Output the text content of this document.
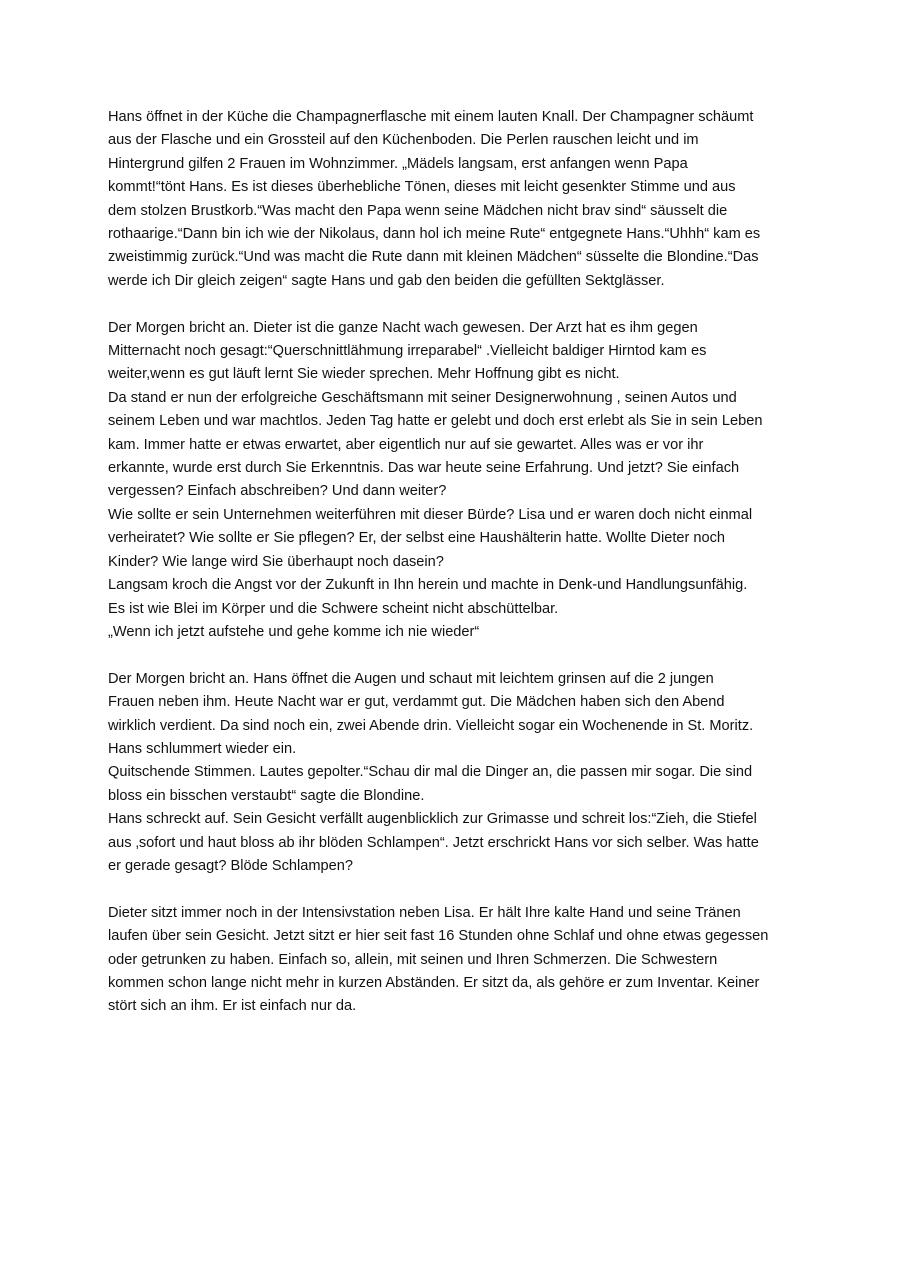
Hans öffnet in der Küche die Champagnerflasche mit einem lauten Knall. Der Champagner schäumt
aus der Flasche und ein Grossteil auf den Küchenboden. Die Perlen rauschen leicht und im
Hintergrund gilfen 2 Frauen im Wohnzimmer. „Mädels langsam, erst anfangen wenn Papa
kommt!“tönt Hans. Es ist dieses überhebliche Tönen, dieses mit leicht gesenkter Stimme und aus
dem stolzen Brustkorb.“Was macht den Papa wenn seine Mädchen nicht brav sind“ säusselt die
rothaarige.“Dann bin ich wie der Nikolaus, dann hol ich meine Rute“ entgegnete Hans.“Uhhh“ kam es
zweistimmig zurück.“Und was macht die Rute dann mit kleinen Mädchen“ süsselte die Blondine.“Das
werde ich Dir gleich zeigen“ sagte Hans und gab den beiden die gefüllten Sektglässer.
Der Morgen bricht an. Dieter ist die ganze Nacht wach gewesen. Der Arzt hat es ihm gegen
Mitternacht noch gesagt:“Querschnittlähmung irreparabel“ .Vielleicht baldiger Hirntod kam es
weiter,wenn es gut läuft lernt Sie wieder sprechen. Mehr Hoffnung gibt es nicht.
Da stand er nun der erfolgreiche Geschäftsmann mit seiner Designerwohnung , seinen Autos und
seinem Leben und war machtlos. Jeden Tag hatte er gelebt und doch erst erlebt als Sie in sein Leben
kam. Immer hatte er etwas erwartet, aber eigentlich nur auf sie gewartet. Alles was er vor ihr
erkannte, wurde erst durch Sie Erkenntnis. Das war heute seine Erfahrung. Und jetzt? Sie einfach
vergessen? Einfach abschreiben? Und dann weiter?
Wie sollte er sein Unternehmen weiterführen mit dieser Bürde? Lisa und er waren doch nicht einmal
verheiratet? Wie sollte er Sie pflegen? Er, der selbst eine Haushälterin hatte. Wollte Dieter noch
Kinder? Wie lange wird Sie überhaupt noch dasein?
Langsam kroch die Angst vor der Zukunft in Ihn herein und machte in Denk-und Handlungsunfähig.
Es ist wie Blei im Körper und die Schwere scheint nicht abschüttelbar.
„Wenn ich jetzt aufstehe und gehe komme ich nie wieder“
Der Morgen bricht an. Hans öffnet die Augen und schaut mit leichtem grinsen auf die 2 jungen
Frauen neben ihm. Heute Nacht war er gut, verdammt gut. Die Mädchen haben sich den Abend
wirklich verdient. Da sind noch ein, zwei Abende drin. Vielleicht sogar ein Wochenende in St. Moritz.
Hans schlummert wieder ein.
Quitschende Stimmen. Lautes gepolter.“Schau dir mal die Dinger an, die passen mir sogar. Die sind
bloss ein bisschen verstaubt“ sagte die Blondine.
Hans schreckt auf. Sein Gesicht verfällt augenblicklich zur Grimasse und schreit los:“Zieh, die Stiefel
aus ‚sofort und haut bloss ab ihr blöden Schlampen“. Jetzt erschrickt Hans vor sich selber. Was hatte
er gerade gesagt? Blöde Schlampen?
Dieter sitzt immer noch in der Intensivstation neben Lisa. Er hält Ihre kalte Hand und seine Tränen
laufen über sein Gesicht. Jetzt sitzt er hier seit fast 16 Stunden ohne Schlaf und ohne etwas gegessen
oder getrunken zu haben. Einfach so, allein, mit seinen und Ihren Schmerzen. Die Schwestern
kommen schon lange nicht mehr in kurzen Abständen. Er sitzt da, als gehöre er zum Inventar. Keiner
stört sich an ihm. Er ist einfach nur da.
